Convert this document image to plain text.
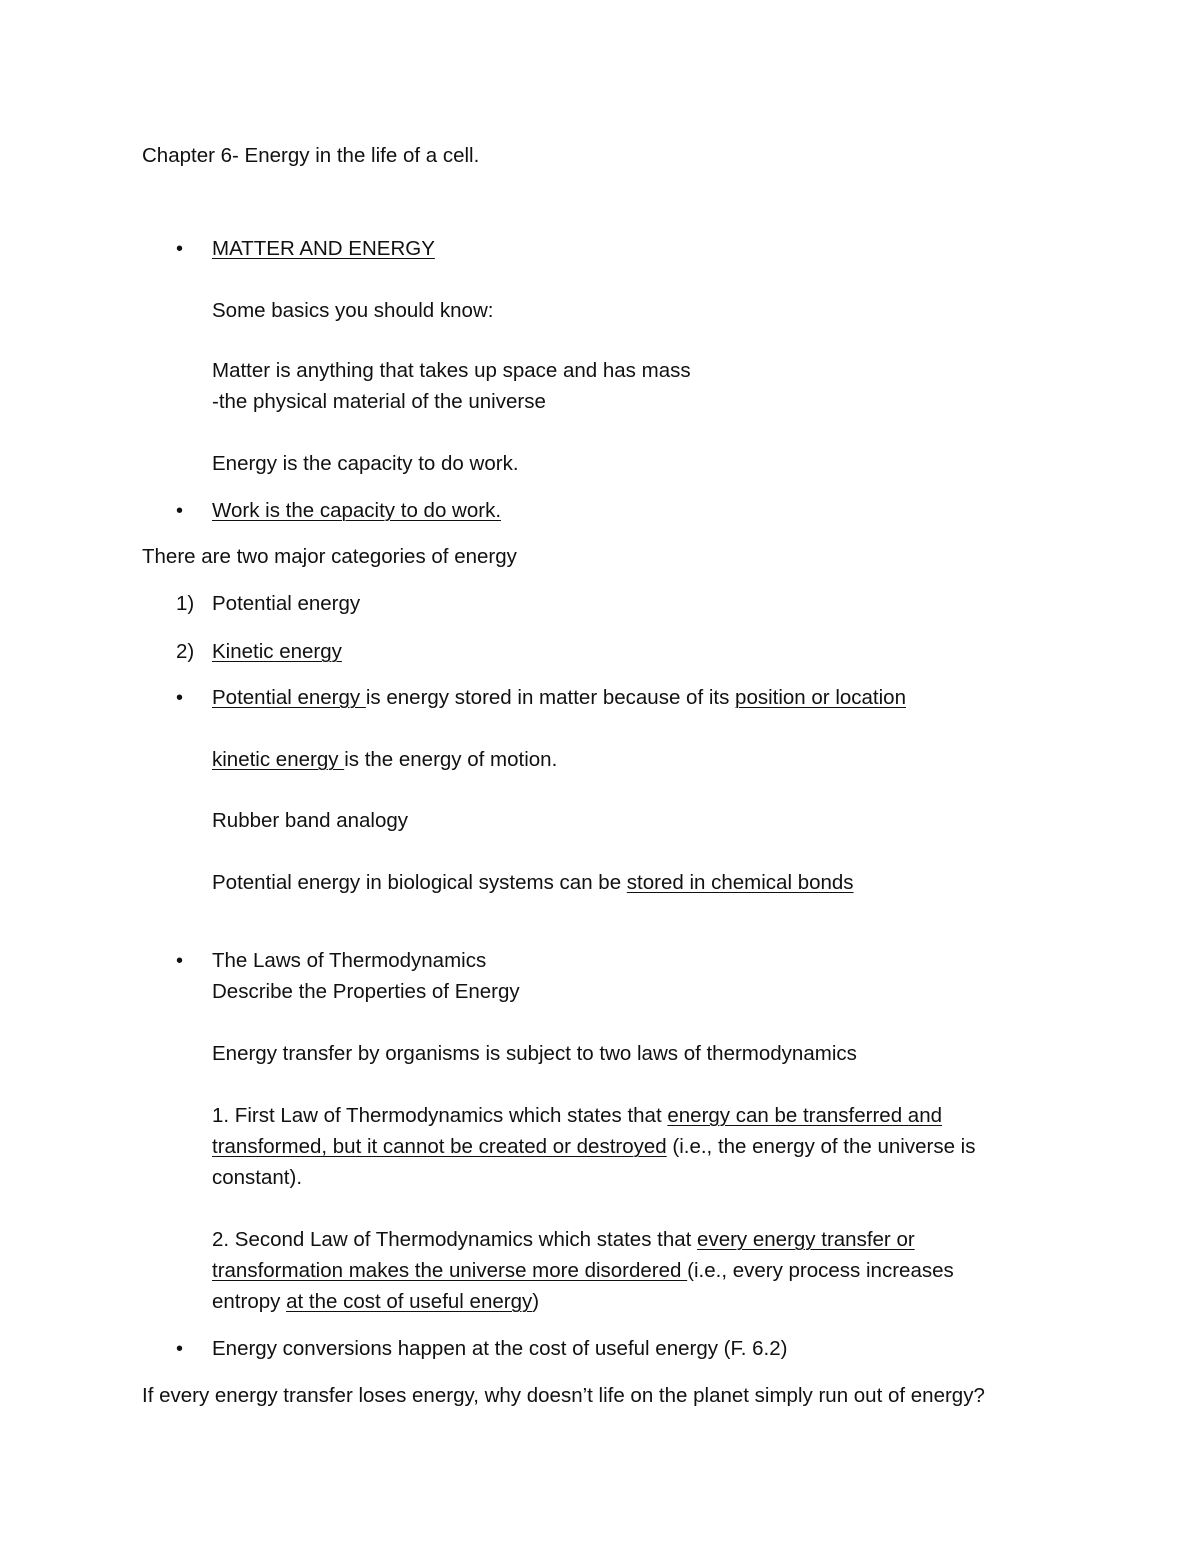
Chapter 6- Energy in the life of a cell.
• MATTER AND ENERGY
Some basics you should know:
Matter is anything that takes up space and has mass
-the physical material of the universe
Energy is the capacity to do work.
• Work is the capacity to do work.
There are two major categories of energy
1) Potential energy
2) Kinetic energy
• Potential energy is energy stored in matter because of its position or location
kinetic energy is the energy of motion.
Rubber band analogy
Potential energy in biological systems can be stored in chemical bonds
• The Laws of Thermodynamics
Describe the Properties of Energy
Energy transfer by organisms is subject to two laws of thermodynamics
1. First Law of Thermodynamics which states that energy can be transferred and
transformed, but it cannot be created or destroyed (i.e., the energy of the universe is
constant).
2. Second Law of Thermodynamics which states that every energy transfer or
transformation makes the universe more disordered (i.e., every process increases
entropy at the cost of useful energy)
• Energy conversions happen at the cost of useful energy (F. 6.2)
If every energy transfer loses energy, why doesn’t life on the planet simply run out of energy?
